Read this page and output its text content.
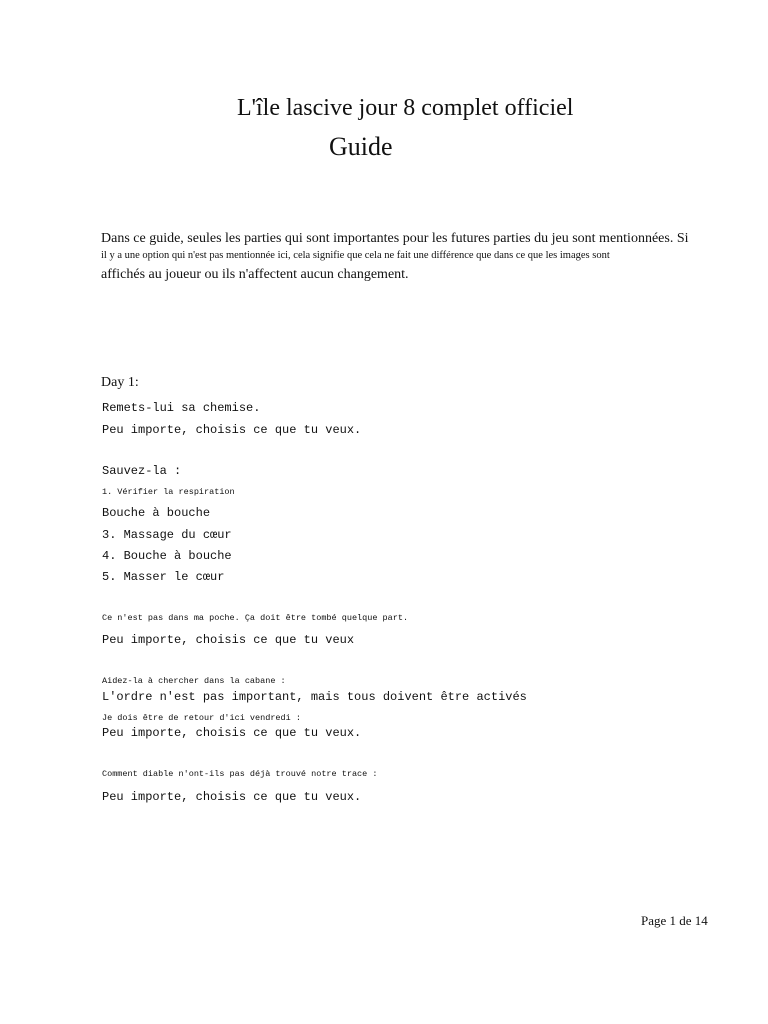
L'île lascive jour 8 complet officiel
Guide
Dans ce guide, seules les parties qui sont importantes pour les futures parties du jeu sont mentionnées. Si
il y a une option qui n'est pas mentionnée ici, cela signifie que cela ne fait une différence que dans ce que les images sont
affichés au joueur ou ils n'affectent aucun changement.
Day 1:
Remets-lui sa chemise.
Peu importe, choisis ce que tu veux.
Sauvez-la :
1. Vérifier la respiration
Bouche à bouche
3. Massage du cœur
4. Bouche à bouche
5. Masser le cœur
Ce n'est pas dans ma poche. Ça doit être tombé quelque part.
Peu importe, choisis ce que tu veux
Aidez-la à chercher dans la cabane :
L'ordre n'est pas important, mais tous doivent être activés
Je dois être de retour d'ici vendredi :
Peu importe, choisis ce que tu veux.
Comment diable n'ont-ils pas déjà trouvé notre trace :
Peu importe, choisis ce que tu veux.
Page 1 de 14
